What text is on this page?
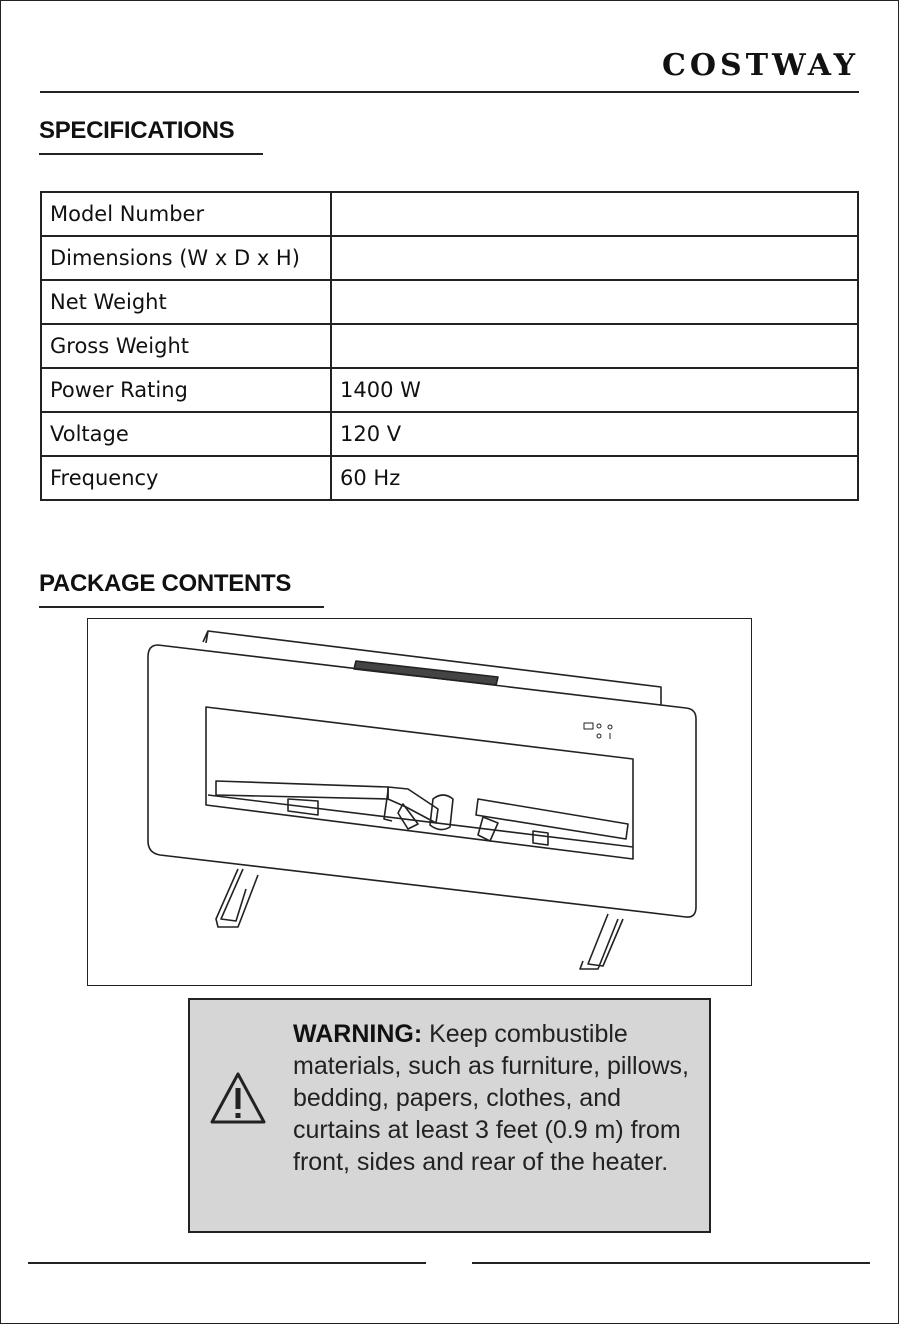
COSTWAY
SPECIFICATIONS
Model Number	
Dimensions (W x D x H)	
Net Weight	
Gross Weight	
Power Rating	1400 W
Voltage	120 V
Frequency	60 Hz
PACKAGE CONTENTS
WARNING: Keep combustible materials, such as furniture, pillows, bedding, papers, clothes, and curtains at least 3 feet (0.9 m) from front, sides and rear of the heater.
